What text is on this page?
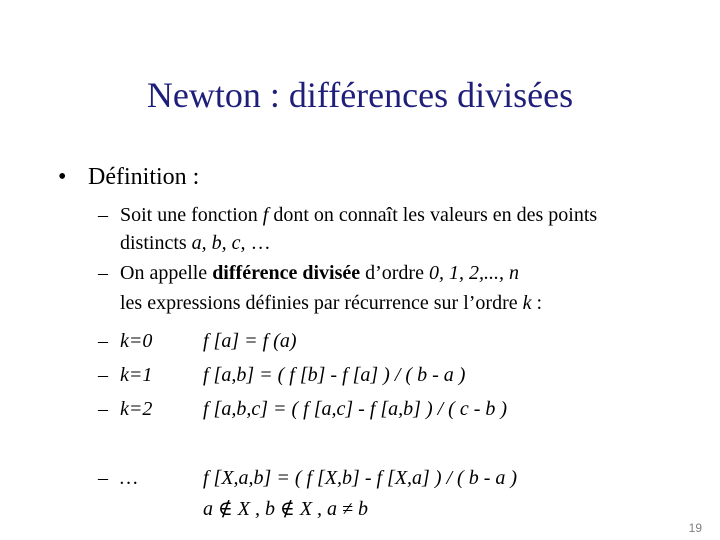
Newton : différences divisées
• Définition :
– Soit une fonction f dont on connaît les valeurs en des points
distincts a, b, c, …
– On appelle différence divisée d’ordre 0, 1, 2,..., n
les expressions définies par récurrence sur l’ordre k :
– k=0	f [a] = f (a)
– k=1	f [a,b] = ( f [b] - f [a] ) / ( b - a )
– k=2	f [a,b,c] = ( f [a,c] - f [a,b] ) / ( c - b )
– …	f [X,a,b] = ( f [X,b] - f [X,a] ) / ( b - a )
a ∉ X , b ∉ X , a ≠ b
19
